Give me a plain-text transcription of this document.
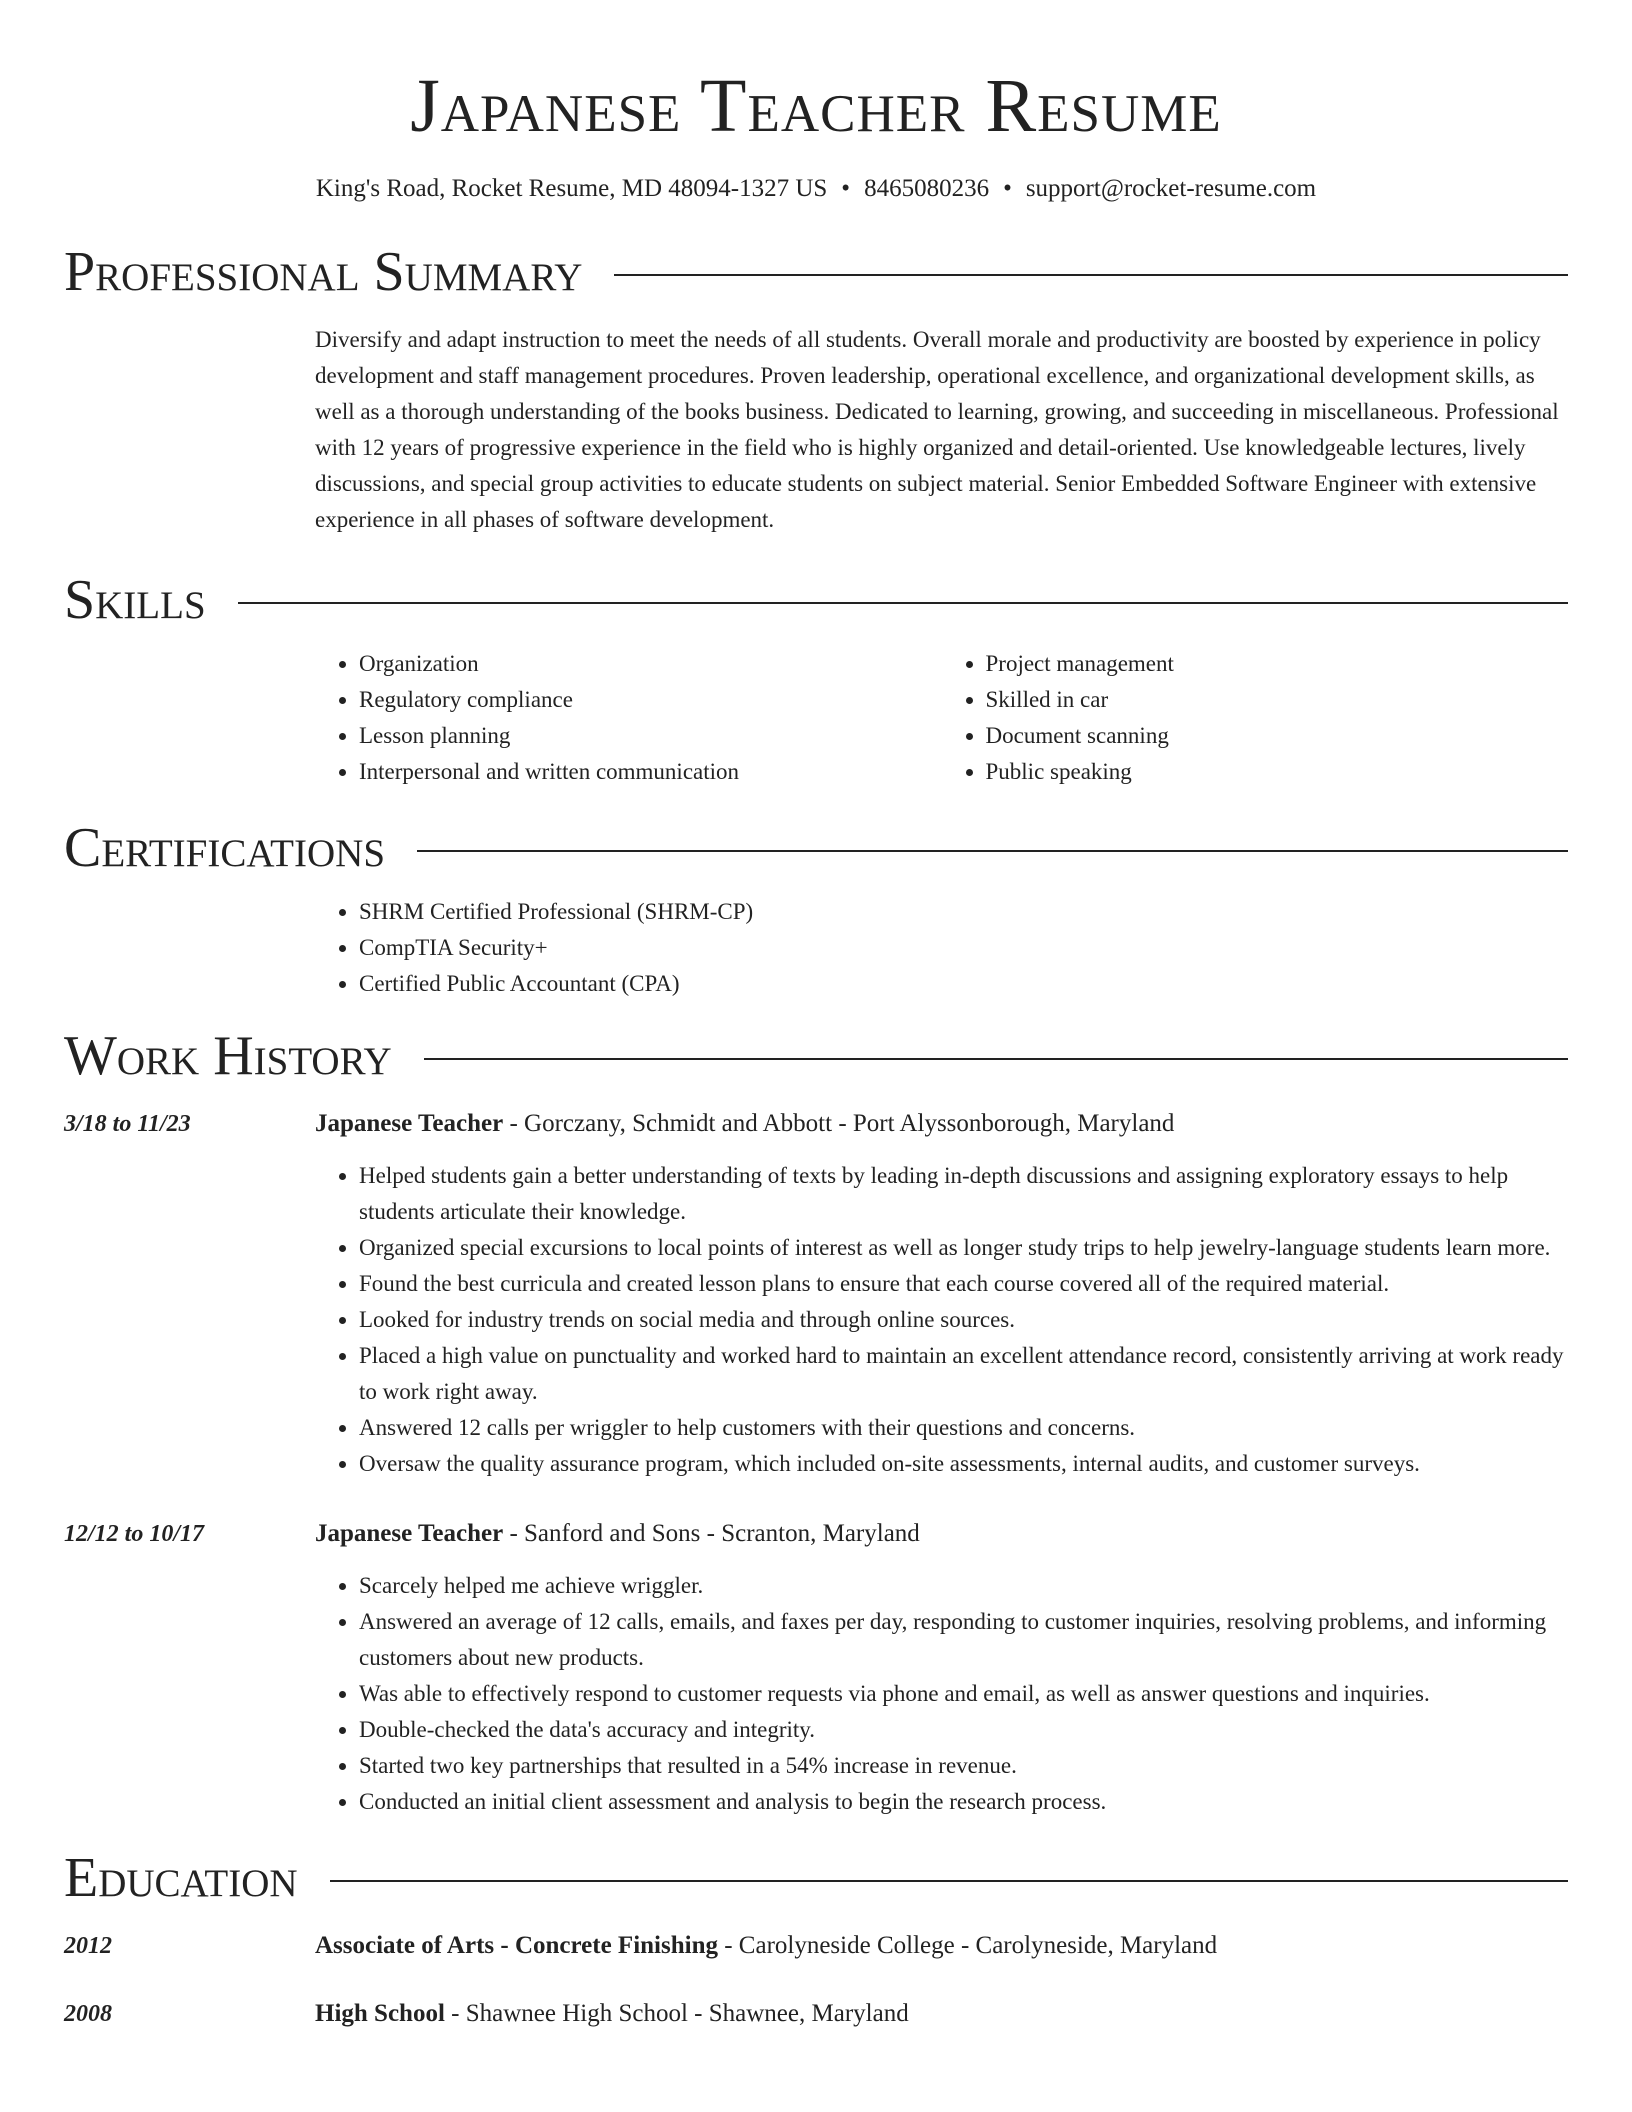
Japanese Teacher Resume
King's Road, Rocket Resume, MD 48094-1327 US • 8465080236 • support@rocket-resume.com
Professional Summary
Diversify and adapt instruction to meet the needs of all students. Overall morale and productivity are boosted by experience in policy development and staff management procedures. Proven leadership, operational excellence, and organizational development skills, as well as a thorough understanding of the books business. Dedicated to learning, growing, and succeeding in miscellaneous. Professional with 12 years of progressive experience in the field who is highly organized and detail-oriented. Use knowledgeable lectures, lively discussions, and special group activities to educate students on subject material. Senior Embedded Software Engineer with extensive experience in all phases of software development.
Skills
• Organization
• Regulatory compliance
• Lesson planning
• Interpersonal and written communication
• Project management
• Skilled in car
• Document scanning
• Public speaking
Certifications
• SHRM Certified Professional (SHRM-CP)
• CompTIA Security+
• Certified Public Accountant (CPA)
Work History
3/18 to 11/23	Japanese Teacher - Gorczany, Schmidt and Abbott - Port Alyssonborough, Maryland
• Helped students gain a better understanding of texts by leading in-depth discussions and assigning exploratory essays to help students articulate their knowledge.
• Organized special excursions to local points of interest as well as longer study trips to help jewelry-language students learn more.
• Found the best curricula and created lesson plans to ensure that each course covered all of the required material.
• Looked for industry trends on social media and through online sources.
• Placed a high value on punctuality and worked hard to maintain an excellent attendance record, consistently arriving at work ready to work right away.
• Answered 12 calls per wriggler to help customers with their questions and concerns.
• Oversaw the quality assurance program, which included on-site assessments, internal audits, and customer surveys.
12/12 to 10/17	Japanese Teacher - Sanford and Sons - Scranton, Maryland
• Scarcely helped me achieve wriggler.
• Answered an average of 12 calls, emails, and faxes per day, responding to customer inquiries, resolving problems, and informing customers about new products.
• Was able to effectively respond to customer requests via phone and email, as well as answer questions and inquiries.
• Double-checked the data's accuracy and integrity.
• Started two key partnerships that resulted in a 54% increase in revenue.
• Conducted an initial client assessment and analysis to begin the research process.
Education
2012	Associate of Arts - Concrete Finishing - Carolyneside College - Carolyneside, Maryland
2008	High School - Shawnee High School - Shawnee, Maryland
